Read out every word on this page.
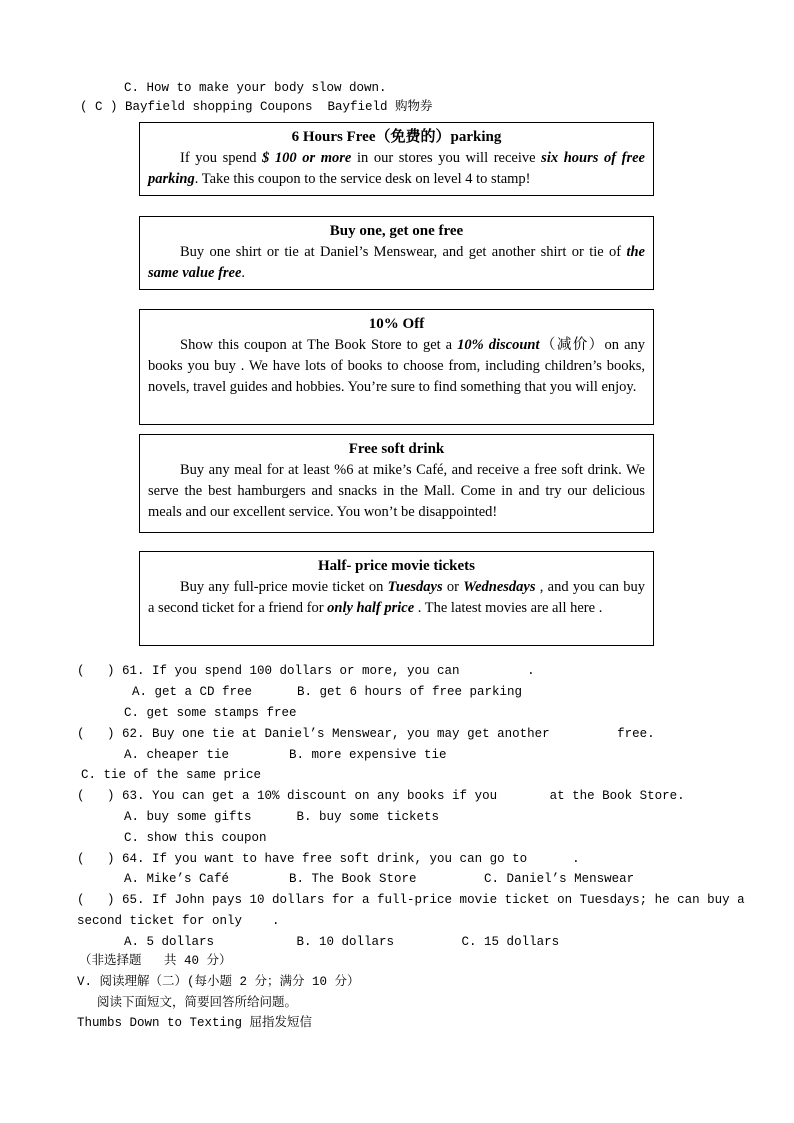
C. How to make your body slow down.
( C ) Bayfield shopping Coupons  Bayfield 购物券
6 Hours Free（免费的）parking
If you spend $ 100 or more in our stores you will receive six hours of free parking. Take this coupon to the service desk on level 4 to stamp!
Buy one, get one free
Buy one shirt or tie at Daniel’s Menswear, and get another shirt or tie of the same value free.
10% Off
Show this coupon at The Book Store to get a 10% discount（减价）on any books you buy . We have lots of books to choose from, including children’s books, novels, travel guides and hobbies. You’re sure to find something that you will enjoy.
Free soft drink
Buy any meal for at least %6 at mike’s Café, and receive a free soft drink. We serve the best hamburgers and snacks in the Mall. Come in and try our delicious meals and our excellent service. You won’t be disappointed!
Half- price movie tickets
Buy any full-price movie ticket on Tuesdays or Wednesdays , and you can buy a second ticket for a friend for only half price . The latest movies are all here .
(   ) 61. If you spend 100 dollars or more, you can         .
A. get a CD free      B. get 6 hours of free parking
C. get some stamps free
(   ) 62. Buy one tie at Daniel’s Menswear, you may get another         free.
A. cheaper tie        B. more expensive tie
C. tie of the same price
(   ) 63. You can get a 10% discount on any books if you       at the Book Store.
A. buy some gifts      B. buy some tickets
C. show this coupon
(   ) 64. If you want to have free soft drink, you can go to      .
A. Mike’s Café        B. The Book Store         C. Daniel’s Menswear
(   ) 65. If John pays 10 dollars for a full-price movie ticket on Tuesdays; he can buy a
second ticket for only    .
A. 5 dollars           B. 10 dollars         C. 15 dollars
（非选择题   共 40 分）
V. 阅读理解（二）(每小题 2 分；满分 10 分）
阅读下面短文，简要回答所给问题。
Thumbs Down to Texting 屈指发短信
